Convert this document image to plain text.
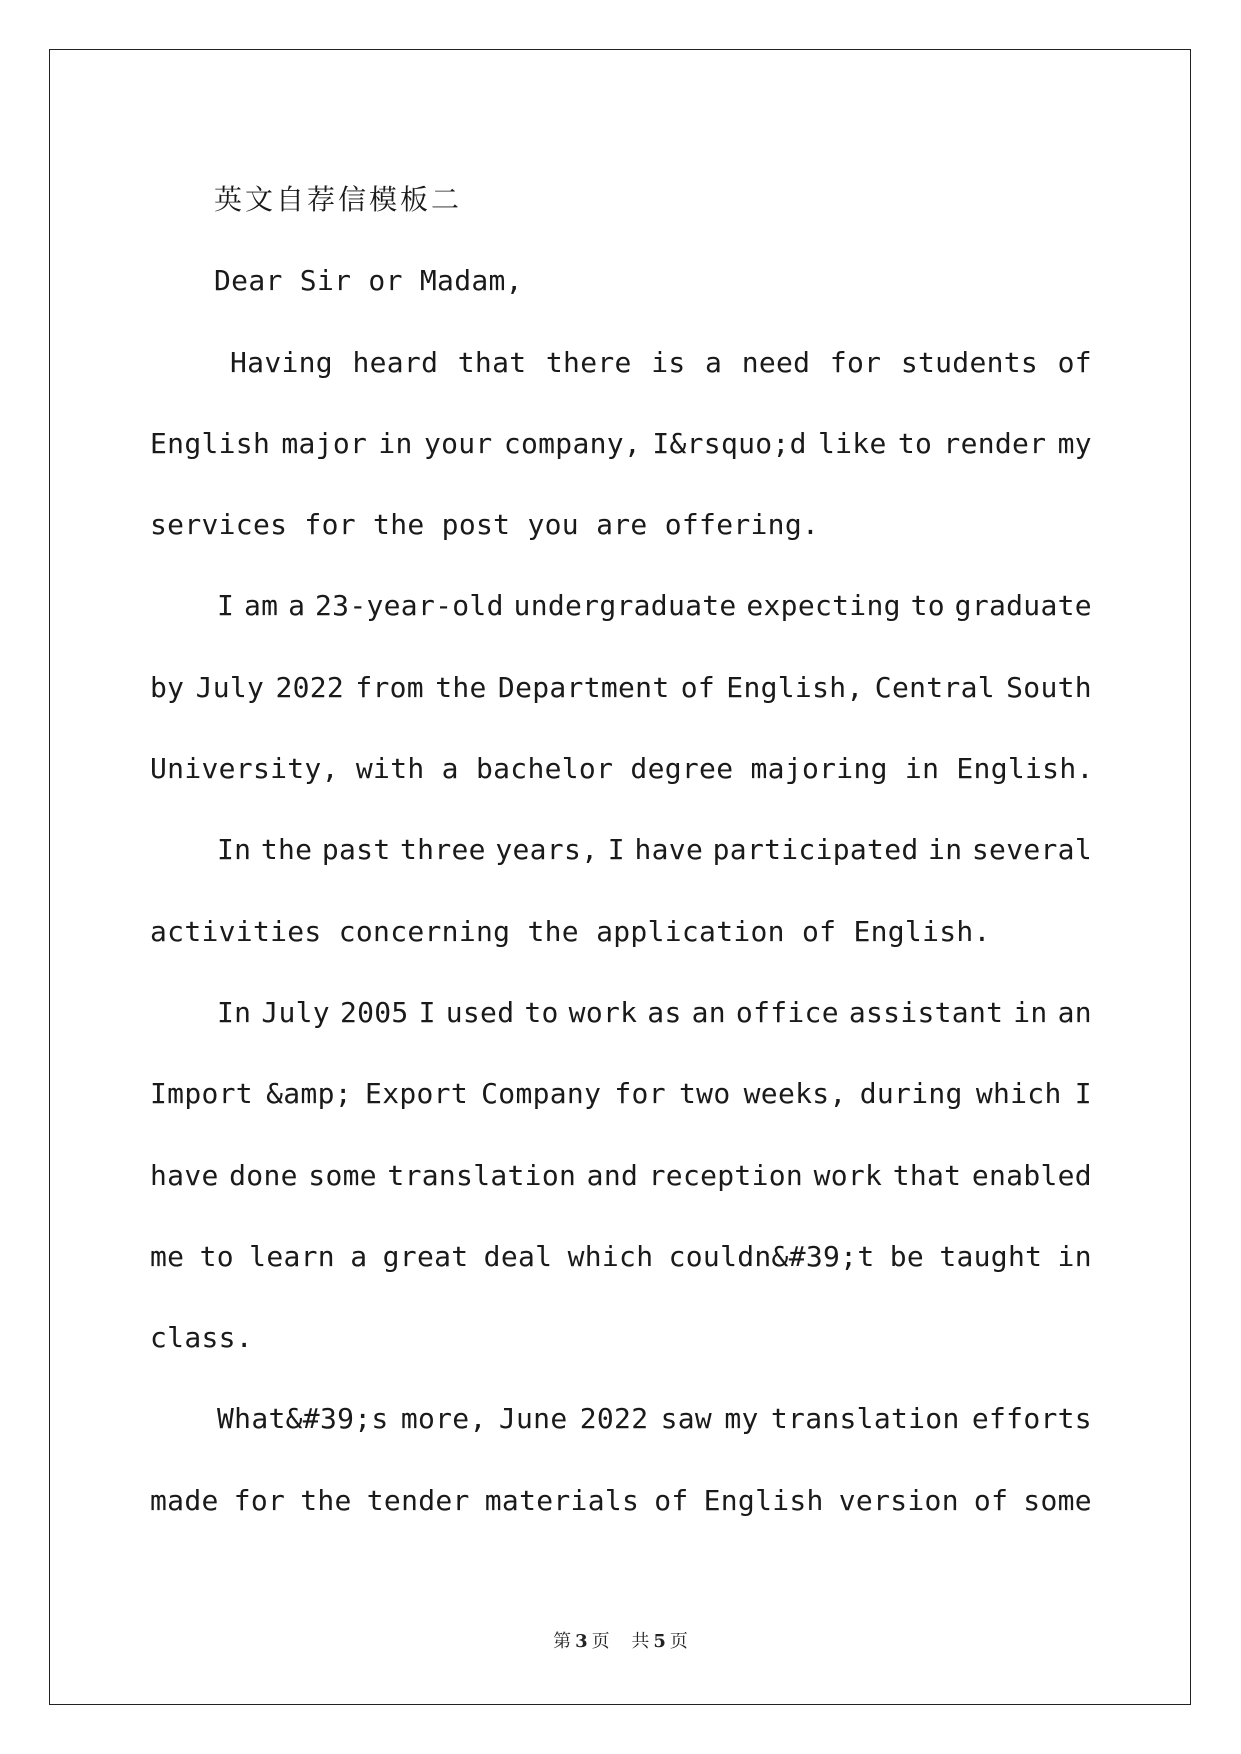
英文自荐信模板二

Dear Sir or Madam,

Having heard that there is a need for students of
English major in your company, I&rsquo;d like to render my
services for the post you are offering.
I am a 23-year-old undergraduate expecting to graduate
by July 2022 from the Department of English, Central South
University, with a bachelor degree majoring in English.
In the past three years, I have participated in several
activities concerning the application of English.
In July 2005 I used to work as an office assistant in an
Import &amp; Export Company for two weeks, during which I
have done some translation and reception work that enabled
me to learn a great deal which couldn&#39;t be taught in
class.
What&#39;s more, June 2022 saw my translation efforts
made for the tender materials of English version of some
第 3 页 共 5 页
